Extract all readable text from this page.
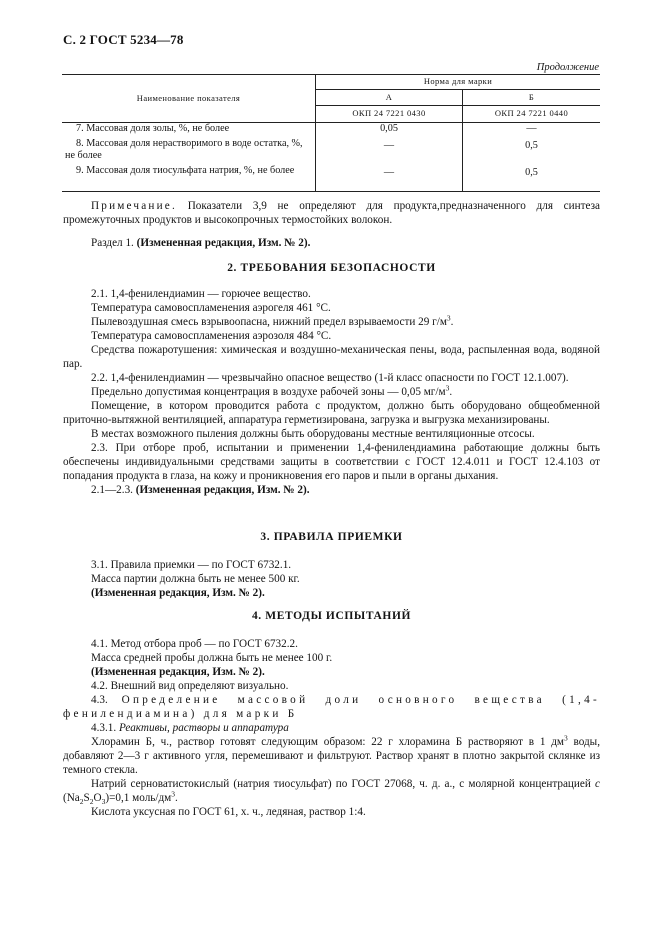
С. 2 ГОСТ 5234—78
Продолжение
Наименование показателя	Норма для марки	
	А	Б
	ОКП 24 7221 0430	ОКП 24 7221 0440
7. Массовая доля золы, %, не более	0,05	—
8. Массовая доля нерастворимого в воде остатка, %, не более	—	0,5
9. Массовая доля тиосульфата натрия, %, не более	—	0,5
Примечание. Показатели 3,9 не определяют для продукта,предназначенного для синтеза промежуточных продуктов и высокопрочных термостойких волокон.
Раздел 1. (Измененная редакция, Изм. № 2).
2. ТРЕБОВАНИЯ БЕЗОПАСНОСТИ
2.1. 1,4-фенилендиамин — горючее вещество.
Температура самовоспламенения аэрогеля 461 °С.
Пылевоздушная смесь взрывоопасна, нижний предел взрываемости 29 $г/м^3$.
Температура самовоспламенения аэрозоля 484 °С.
Средства пожаротушения: химическая и воздушно-механическая пены, вода, распыленная вода, водяной пар.
2.2. 1,4-фенилендиамин — чрезвычайно опасное вещество (1-й класс опасности по ГОСТ 12.1.007).
Предельно допустимая концентрация в воздухе рабочей зоны — 0,05 $мг/м^3$.
Помещение, в котором проводится работа с продуктом, должно быть оборудовано общеобменной приточно-вытяжной вентиляцией, аппаратура герметизирована, загрузка и выгрузка механизированы.
В местах возможного пыления должны быть оборудованы местные вентиляционные отсосы.
2.3. При отборе проб, испытании и применении 1,4-фенилендиамина работающие должны быть обеспечены индивидуальными средствами защиты в соответствии с ГОСТ 12.4.011 и ГОСТ 12.4.103 от попадания продукта в глаза, на кожу и проникновения его паров и пыли в органы дыхания.
2.1—2.3. (Измененная редакция, Изм. № 2).
3. ПРАВИЛА ПРИЕМКИ
3.1. Правила приемки — по ГОСТ 6732.1.
Масса партии должна быть не менее 500 кг.
(Измененная редакция, Изм. № 2).
4. МЕТОДЫ ИСПЫТАНИЙ
4.1. Метод отбора проб — по ГОСТ 6732.2.
Масса средней пробы должна быть не менее 100 г.
(Измененная редакция, Изм. № 2).
4.2. Внешний вид определяют визуально.
4.3. Определение массовой доли основного вещества (1,4-фенилендиамина) для марки Б
4.3.1. Реактивы, растворы и аппаратура
Хлорамин Б, ч., раствор готовят следующим образом: 22 г хлорамина Б растворяют в 1 $дм^3$ воды, добавляют 2—3 г активного угля, перемешивают и фильтруют. Раствор хранят в плотно закрытой склянке из темного стекла.
Натрий серноватистокислый (натрия тиосульфат) по ГОСТ 27068, ч. д. а., с молярной концентрацией с $(Na_2S_2O_3)=0,1$ моль/$дм^3$.
Кислота уксусная по ГОСТ 61, х. ч., ледяная, раствор 1:4.
